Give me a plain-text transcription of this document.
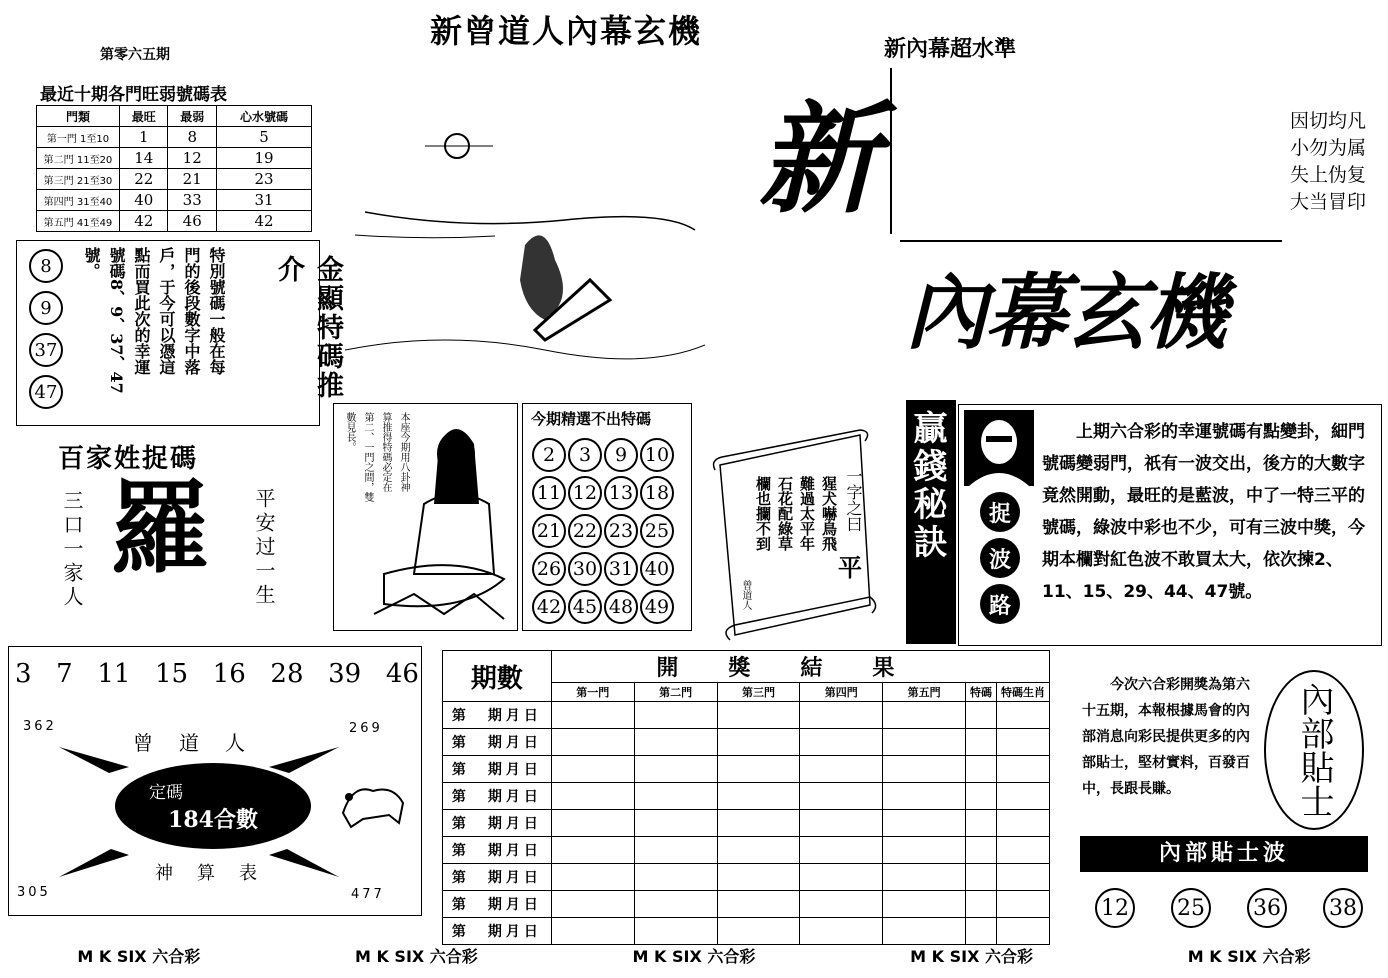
新曾道人內幕玄機
第零六五期	新內幕超水準
最近十期各門旺弱號碼表
門類	最旺	最弱	心水號碼
第一門 1至10	1	8	5
第二門 11至20	14	12	19
第三門 21至30	22	21	23
第四門 31至40	40	33	31
第五門 41至49	42	46	42
8
9
37
47
特別號碼一般在每
門的後段數字中落
戶，于今可以憑這
點而買此次的幸運
號碼8、9、37、47
號。	金顯特碼推介
百家姓捉碼
三口一家人 羅 平安过一生
本座今期用八卦神
算推得特碼必定在
第二、一門之間，雙
數見長。	今期精選不出特碼
2 3 9 10 11 12 13 18 21 22 23 25 26 30 31 40 42 45 48 49
一字之曰
平
猩犬嚇鳥飛
難過太平年
石花配綠草
欄也攔不到
曾道人
新	因切均凡
小勿为属
失上伪复
大当冒印
內幕玄機
贏錢秘訣	捉
波
路
上期六合彩的幸運號碼有點變卦，細門號碼變弱門，祇有一波交出，後方的大數字竟然開動，最旺的是藍波，中了一特三平的號碼，綠波中彩也不少，可有三波中獎，今期本欄對紅色波不敢買太大，依次揀2、11、15、29、44、47號。
3 7 11 15 16 28 39 46
362	269
305	477
曾道人
神算表
定碼
184合數
期數	開獎結果						
	第一門	第二門	第三門	第四門	第五門	特碼	特碼生肖
第　期月日							
第　期月日							
第　期月日							
第　期月日							
第　期月日							
第　期月日							
第　期月日							
第　期月日							
第　期月日							
今次六合彩開獎為第六十五期，本報根據馬會的內部消息向彩民提供更多的內部貼士，堅材實料，百發百中，長跟長賺。
內部
貼士
內部貼士波
12 25 36 38
M K SIX 六合彩	M K SIX 六合彩	M K SIX 六合彩	M K SIX 六合彩	M K SIX 六合彩
